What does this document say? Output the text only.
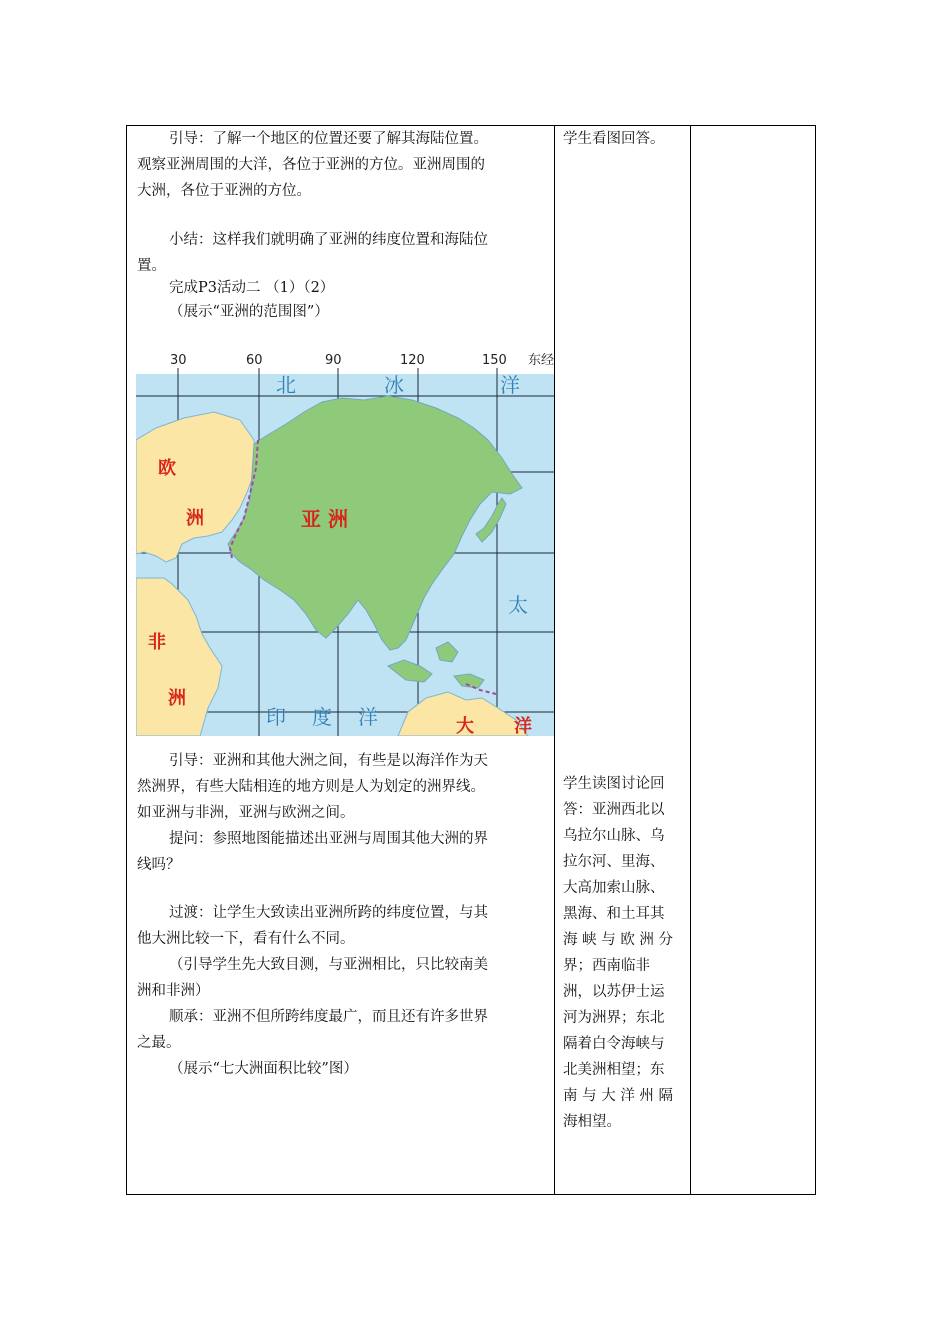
引导：了解一个地区的位置还要了解其海陆位置。
观察亚洲周围的大洋，各位于亚洲的方位。亚洲周围的
大洲，各位于亚洲的方位。
小结：这样我们就明确了亚洲的纬度位置和海陆位
置。
完成P3活动二 （1）（2）
（展示“亚洲的范围图”）
30	60	90	120	150 东经
北	冰	洋
太
印 度 洋
亚 洲
欧
洲
非
洲
大 洋
引导：亚洲和其他大洲之间，有些是以海洋作为天
然洲界，有些大陆相连的地方则是人为划定的洲界线。
如亚洲与非洲，亚洲与欧洲之间。
提问：参照地图能描述出亚洲与周围其他大洲的界
线吗？
过渡：让学生大致读出亚洲所跨的纬度位置，与其
他大洲比较一下，看有什么不同。
（引导学生先大致目测，与亚洲相比，只比较南美
洲和非洲）
顺承：亚洲不但所跨纬度最广，而且还有许多世界
之最。
（展示“七大洲面积比较”图）
学生看图回答。
学生读图讨论回
答：亚洲西北以
乌拉尔山脉、乌
拉尔河、里海、
大高加索山脉、
黑海、和土耳其
海 峡 与 欧 洲 分
界；西南临非
洲，以苏伊士运
河为洲界；东北
隔着白令海峡与
北美洲相望；东
南 与 大 洋 州 隔
海相望。
